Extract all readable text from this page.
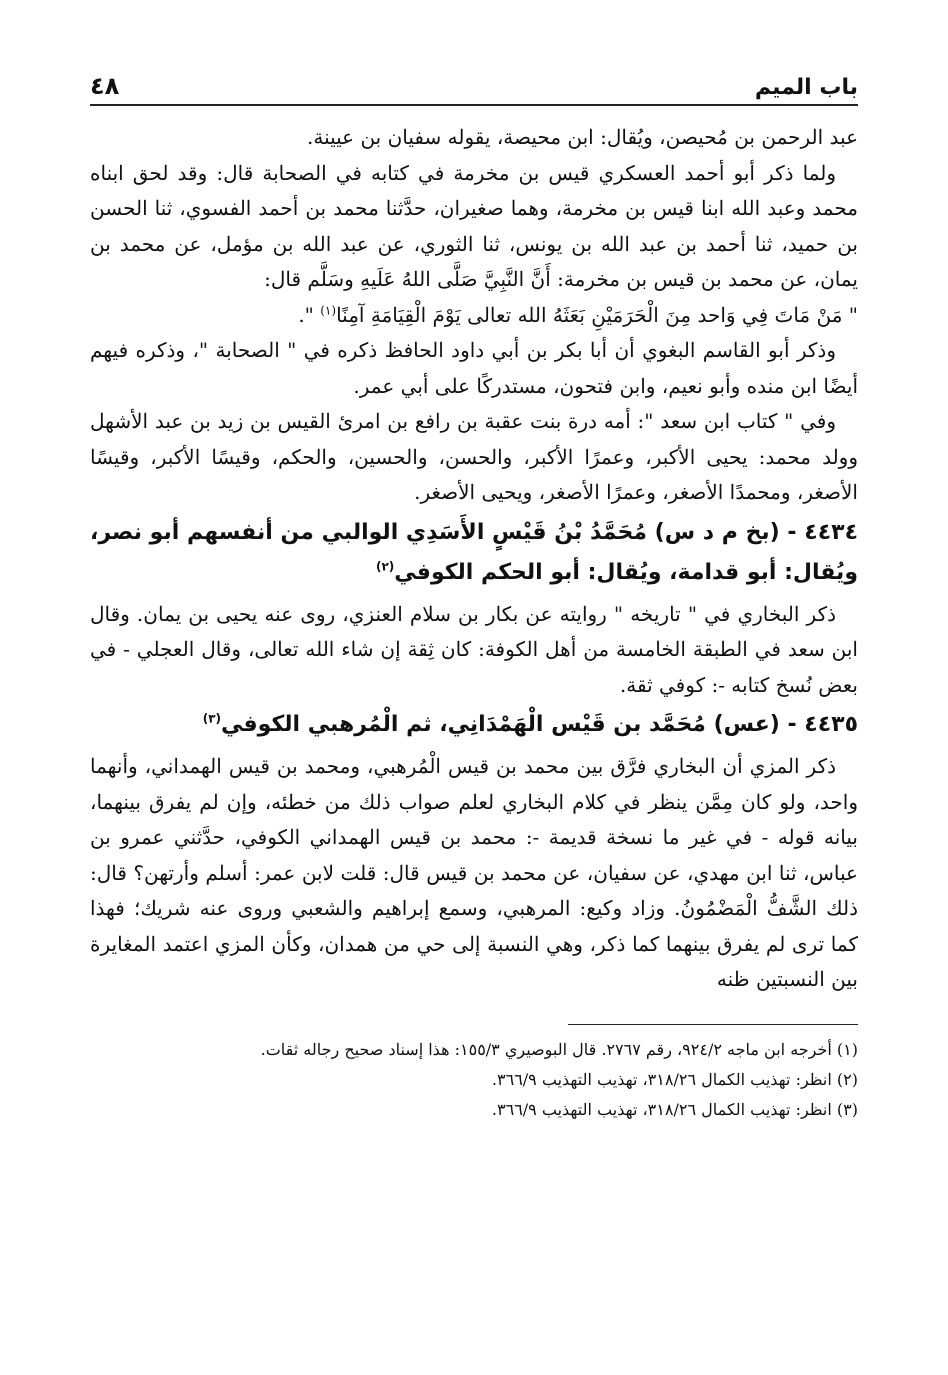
باب الميم
٤٨

عبد الرحمن بن مُحيصن، ويُقال: ابن محيصة، يقوله سفيان بن عيينة.

ولما ذكر أبو أحمد العسكري قيس بن مخرمة في كتابه في الصحابة قال: وقد لحق ابناه محمد وعبد الله ابنا قيس بن مخرمة، وهما صغيران، حدَّثنا محمد بن أحمد الفسوي، ثنا الحسن بن حميد، ثنا أحمد بن عبد الله بن يونس، ثنا الثوري، عن عبد الله بن مؤمل، عن محمد بن يمان، عن محمد بن قيس بن مخرمة: أَنَّ النَّبِيَّ صَلَّى اللهُ عَلَيهِ وسَلَّم قال:
" مَنْ مَاتَ فِي وَاحد مِنَ الْحَرَمَيْنِ بَعَثَهُ الله تعالى يَوْمَ الْقِيَامَةِ آمِنًا$^{(١)}$ ".

وذكر أبو القاسم البغوي أن أبا بكر بن أبي داود الحافظ ذكره في " الصحابة "، وذكره فيهم أيضًا ابن منده وأبو نعيم، وابن فتحون، مستدركًا على أبي عمر.

وفي " كتاب ابن سعد ": أمه درة بنت عقبة بن رافع بن امرئ القيس بن زيد بن عبد الأشهل وولد محمد: يحيى الأكبر، وعمرًا الأكبر، والحسن، والحسين، والحكم، وقيسًا الأكبر، وقيسًا الأصغر، ومحمدًا الأصغر، وعمرًا الأصغر، ويحيى الأصغر.

٤٤٣٤ - (بخ م د س) مُحَمَّدُ بْنُ قَيْسٍ الأَسَدِي الوالبي من أنفسهم أبو نصر، ويُقال: أبو قدامة، ويُقال: أبو الحكم الكوفي$^{(٢)}$

ذكر البخاري في " تاريخه " روايته عن بكار بن سلام العنزي، روى عنه يحيى بن يمان. وقال ابن سعد في الطبقة الخامسة من أهل الكوفة: كان ثِقة إن شاء الله تعالى، وقال العجلي - في بعض نُسخ كتابه -: كوفي ثقة.

٤٤٣٥ - (عس) مُحَمَّد بن قَيْس الْهَمْدَانِي، ثم الْمُرهبي الكوفي$^{(٣)}$

ذكر المزي أن البخاري فرَّق بين محمد بن قيس الْمُرهبي، ومحمد بن قيس الهمداني، وأنهما واحد، ولو كان مِمَّن ينظر في كلام البخاري لعلم صواب ذلك من خطئه، وإن لم يفرق بينهما، بيانه قوله - في غير ما نسخة قديمة -: محمد بن قيس الهمداني الكوفي، حدَّثني عمرو بن عباس، ثنا ابن مهدي، عن سفيان، عن محمد بن قيس قال: قلت لابن عمر: أسلم وأرتهن؟ قال: ذلك الشَّفُّ الْمَضْمُونُ. وزاد وكيع: المرهبي، وسمع إبراهيم والشعبي وروى عنه شريك؛ فهذا كما ترى لم يفرق بينهما كما ذكر، وهي النسبة إلى حي من همدان، وكأن المزي اعتمد المغايرة بين النسبتين ظنه

(١) أخرجه ابن ماجه ٩٢٤/٢، رقم ٢٧٦٧. قال البوصيري ١٥٥/٣: هذا إسناد صحيح رجاله ثقات.
(٢) انظر: تهذيب الكمال ٣١٨/٢٦، تهذيب التهذيب ٣٦٦/٩.
(٣) انظر: تهذيب الكمال ٣١٨/٢٦، تهذيب التهذيب ٣٦٦/٩.
